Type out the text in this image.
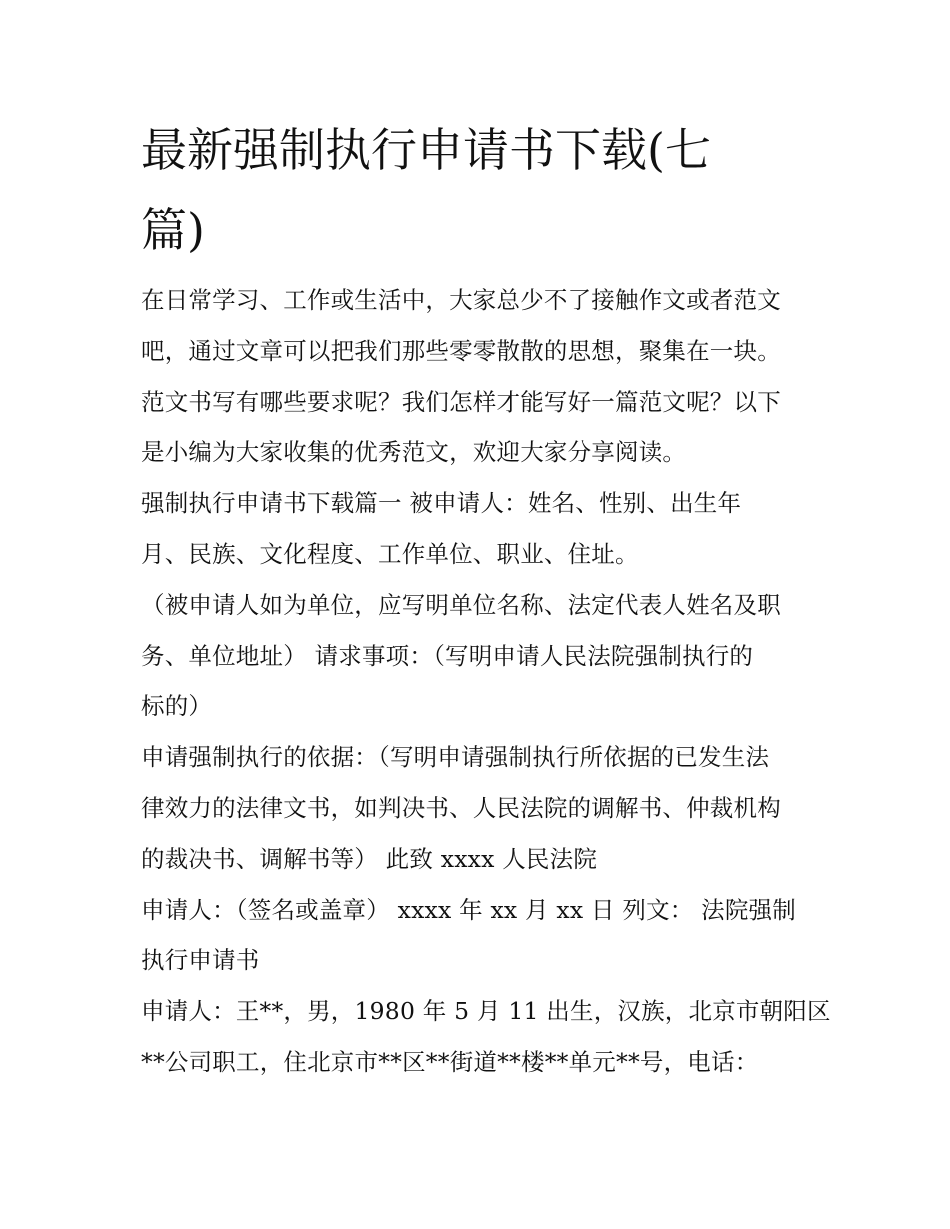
最新强制执行申请书下载(七
篇)

在日常学习、工作或生活中，大家总少不了接触作文或者范文
吧，通过文章可以把我们那些零零散散的思想，聚集在一块。
范文书写有哪些要求呢？我们怎样才能写好一篇范文呢？以下
是小编为大家收集的优秀范文，欢迎大家分享阅读。

强制执行申请书下载篇一 被申请人：姓名、性别、出生年
月、民族、文化程度、工作单位、职业、住址。

（被申请人如为单位，应写明单位名称、法定代表人姓名及职
务、单位地址） 请求事项：（写明申请人民法院强制执行的
标的）

申请强制执行的依据：（写明申请强制执行所依据的已发生法
律效力的法律文书，如判决书、人民法院的调解书、仲裁机构
的裁决书、调解书等） 此致 xxxx 人民法院

申请人：（签名或盖章） xxxx 年 xx 月 xx 日 列文： 法院强制
执行申请书

申请人：王**，男，1980 年 5 月 11 出生，汉族，北京市朝阳区
**公司职工，住北京市**区**街道**楼**单元**号，电话：
